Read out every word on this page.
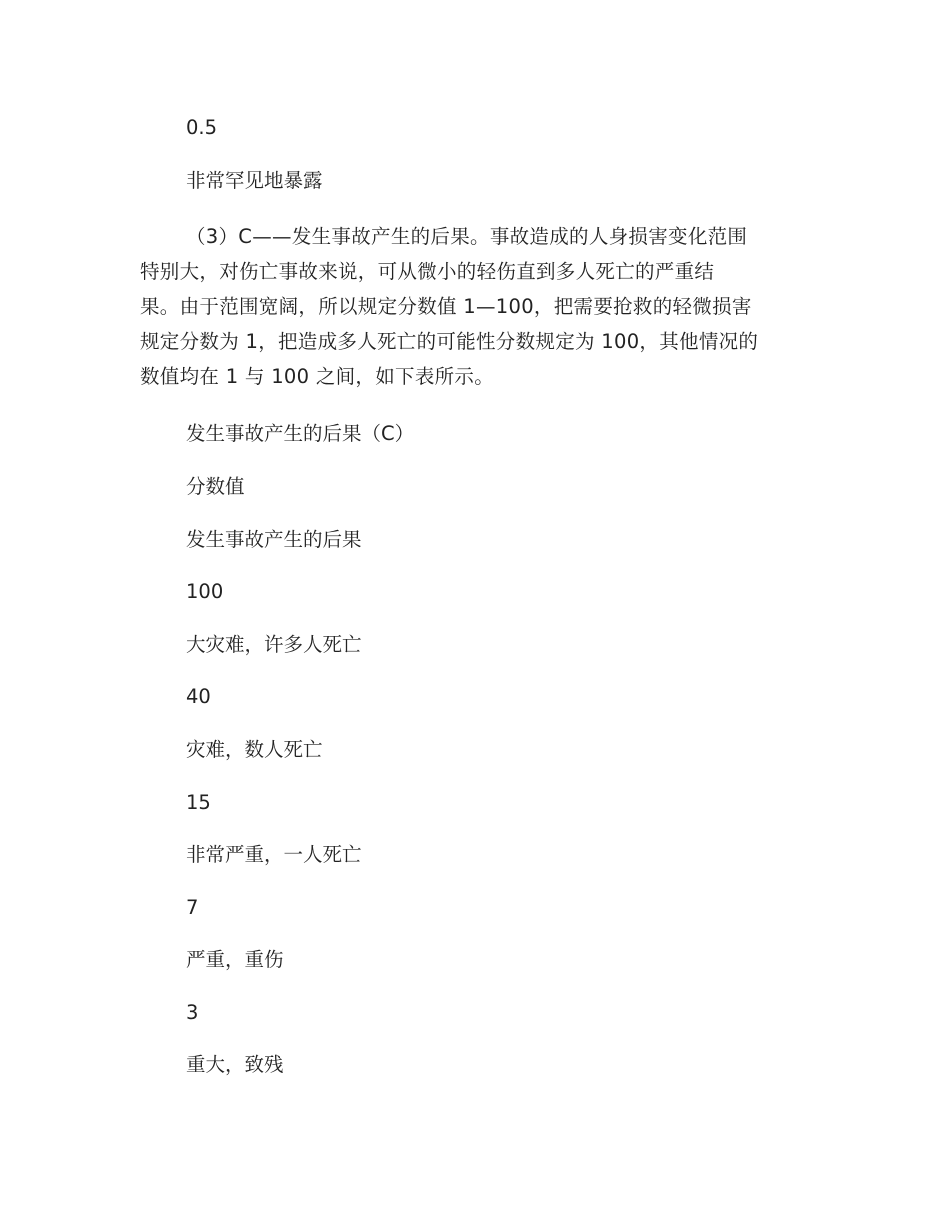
0.5
非常罕见地暴露
（3）C——发生事故产生的后果。事故造成的人身损害变化范围
特别大，对伤亡事故来说，可从微小的轻伤直到多人死亡的严重结
果。由于范围宽阔，所以规定分数值 1—100，把需要抢救的轻微损害
规定分数为 1，把造成多人死亡的可能性分数规定为 100，其他情况的
数值均在 1 与 100 之间，如下表所示。
发生事故产生的后果（C）
分数值
发生事故产生的后果
100
大灾难，许多人死亡
40
灾难，数人死亡
15
非常严重，一人死亡
7
严重，重伤
3
重大，致残
